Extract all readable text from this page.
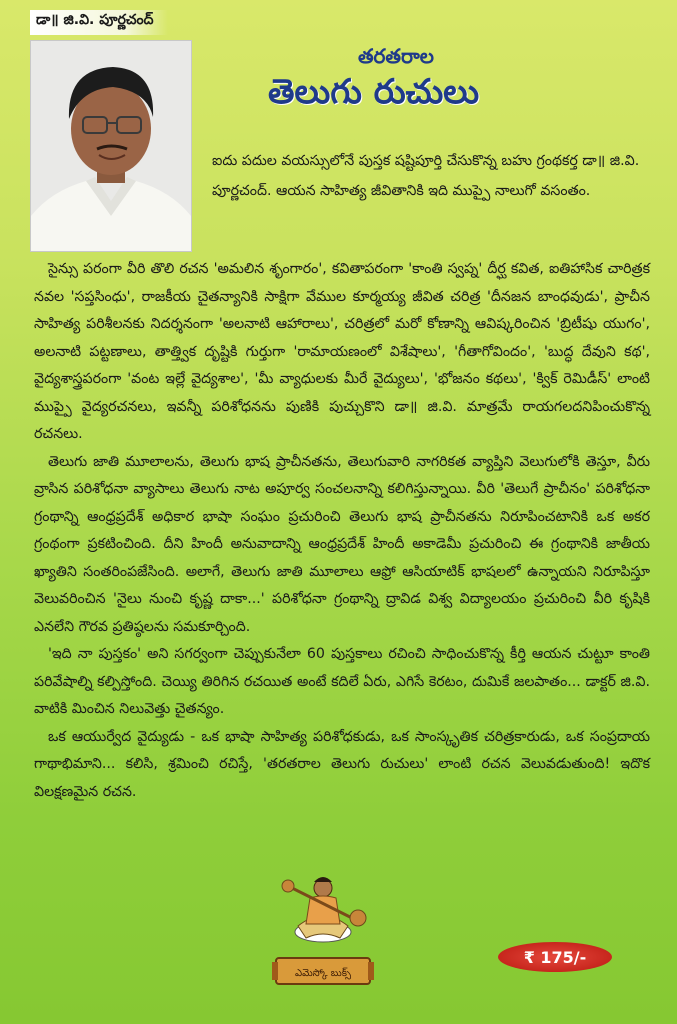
డా॥ జి.వి. పూర్ణచంద్
తరతరాల
తెలుగు రుచులు

ఐదు పదుల వయస్సులోనే పుస్తక షష్టిపూర్తి చేసుకొన్న బహు గ్రంథకర్త డా॥ జి.వి. పూర్ణచంద్. ఆయన సాహిత్య జీవితానికి ఇది ముప్పై నాలుగో వసంతం.

సైన్సు పరంగా వీరి తొలి రచన 'అమలిన శృంగారం', కవితాపరంగా 'కాంతి స్వప్న' దీర్ఘ కవిత, ఐతిహాసిక చారిత్రక నవల 'సప్తసింధు', రాజకీయ చైతన్యానికి సాక్షిగా వేముల కూర్మయ్య జీవిత చరిత్ర 'దీనజన బాంధవుడు', ప్రాచీన సాహిత్య పరిశీలనకు నిదర్శనంగా 'అలనాటి ఆహారాలు', చరిత్రలో మరో కోణాన్ని ఆవిష్కరించిన 'బ్రిటీషు యుగం', అలనాటి పట్టణాలు, తాత్త్విక దృష్టికి గుర్తుగా 'రామాయణంలో విశేషాలు', 'గీతాగోవిందం', 'బుద్ధ దేవుని కథ', వైద్యశాస్త్రపరంగా 'వంట ఇల్లే వైద్యశాల', 'మీ వ్యాధులకు మీరే వైద్యులు', 'భోజనం కథలు', 'క్విక్ రెమిడీస్' లాంటి ముప్పై వైద్యరచనలు, ఇవన్నీ పరిశోధనను పుణికి పుచ్చుకొని డా॥ జి.వి. మాత్రమే రాయగలదనిపించుకొన్న రచనలు.

తెలుగు జాతి మూలాలను, తెలుగు భాష ప్రాచీనతను, తెలుగువారి నాగరికత వ్యాప్తిని వెలుగులోకి తెస్తూ, వీరు వ్రాసిన పరిశోధనా వ్యాసాలు తెలుగు నాట అపూర్వ సంచలనాన్ని కలిగిస్తున్నాయి. వీరి 'తెలుగే ప్రాచీనం' పరిశోధనా గ్రంథాన్ని ఆంధ్రప్రదేశ్ అధికార భాషా సంఘం ప్రచురించి తెలుగు భాష ప్రాచీనతను నిరూపించటానికి ఒక అకర గ్రంథంగా ప్రకటించింది. దీని హిందీ అనువాదాన్ని ఆంధ్రప్రదేశ్ హిందీ అకాడెమీ ప్రచురించి ఈ గ్రంథానికి జాతీయ ఖ్యాతిని సంతరింపజేసింది. అలాగే, తెలుగు జాతి మూలాలు ఆఫ్రో ఆసియాటిక్ భాషలలో ఉన్నాయని నిరూపిస్తూ వెలువరించిన 'నైలు నుంచి కృష్ణ దాకా...' పరిశోధనా గ్రంథాన్ని ద్రావిడ విశ్వ విద్యాలయం ప్రచురించి వీరి కృషికి ఎనలేని గౌరవ ప్రతిష్ఠలను సమకూర్చింది.

'ఇది నా పుస్తకం' అని సగర్వంగా చెప్పుకునేలా 60 పుస్తకాలు రచించి సాధించుకొన్న కీర్తి ఆయన చుట్టూ కాంతి పరివేషాల్ని కల్పిస్తోంది. చెయ్యి తిరిగిన రచయిత అంటే కదిలే ఏరు, ఎగిసే కెరటం, దుమికే జలపాతం... డాక్టర్ జి.వి. వాటికి మించిన నిలువెత్తు చైతన్యం.

ఒక ఆయుర్వేద వైద్యుడు - ఒక భాషా సాహిత్య పరిశోధకుడు, ఒక సాంస్కృతిక చరిత్రకారుడు, ఒక సంప్రదాయ గాథాభిమాని... కలిసి, శ్రమించి రచిస్తే, 'తరతరాల తెలుగు రుచులు' లాంటి రచన వెలువడుతుంది! ఇదొక విలక్షణమైన రచన.

ఎమెస్కో బుక్స్
₹ 175/-
